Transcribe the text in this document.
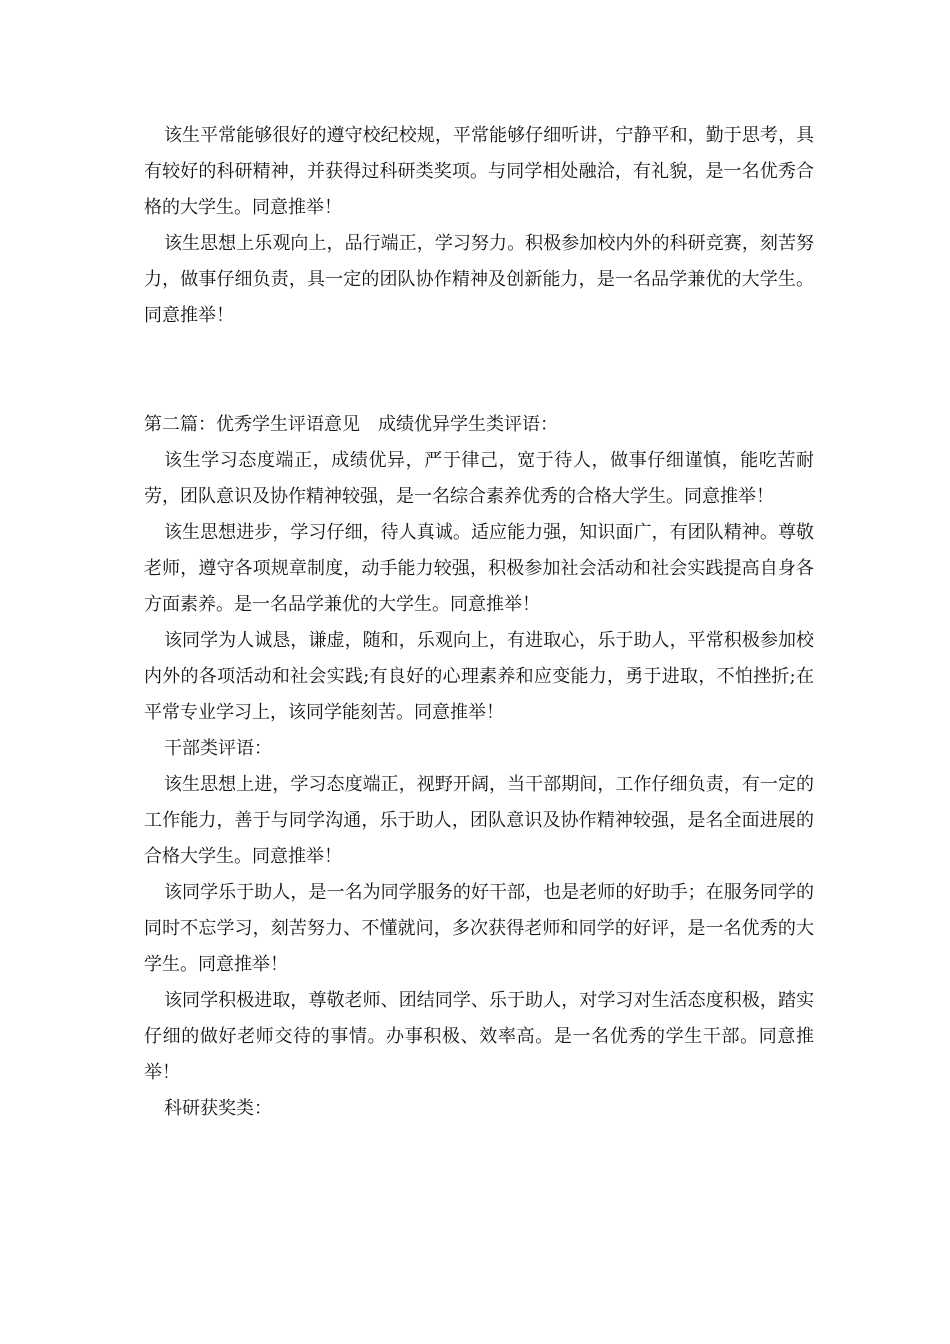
该生平常能够很好的遵守校纪校规，平常能够仔细听讲，宁静平和，勤于思考，具有较好的科研精神，并获得过科研类奖项。与同学相处融洽，有礼貌，是一名优秀合格的大学生。同意推举！

该生思想上乐观向上，品行端正，学习努力。积极参加校内外的科研竞赛，刻苦努力，做事仔细负责，具一定的团队协作精神及创新能力，是一名品学兼优的大学生。同意推举！

第二篇：优秀学生评语意见　成绩优异学生类评语：

该生学习态度端正，成绩优异，严于律己，宽于待人，做事仔细谨慎，能吃苦耐劳，团队意识及协作精神较强，是一名综合素养优秀的合格大学生。同意推举！

该生思想进步，学习仔细，待人真诚。适应能力强，知识面广，有团队精神。尊敬老师，遵守各项规章制度，动手能力较强，积极参加社会活动和社会实践提高自身各方面素养。是一名品学兼优的大学生。同意推举！

该同学为人诚恳，谦虚，随和，乐观向上，有进取心，乐于助人，平常积极参加校内外的各项活动和社会实践;有良好的心理素养和应变能力，勇于进取，不怕挫折;在平常专业学习上，该同学能刻苦。同意推举！

干部类评语：

该生思想上进，学习态度端正，视野开阔，当干部期间，工作仔细负责，有一定的工作能力，善于与同学沟通，乐于助人，团队意识及协作精神较强，是名全面进展的合格大学生。同意推举！

该同学乐于助人，是一名为同学服务的好干部，也是老师的好助手；在服务同学的同时不忘学习，刻苦努力、不懂就问，多次获得老师和同学的好评，是一名优秀的大学生。同意推举！

该同学积极进取，尊敬老师、团结同学、乐于助人，对学习对生活态度积极，踏实仔细的做好老师交待的事情。办事积极、效率高。是一名优秀的学生干部。同意推举！

科研获奖类：
